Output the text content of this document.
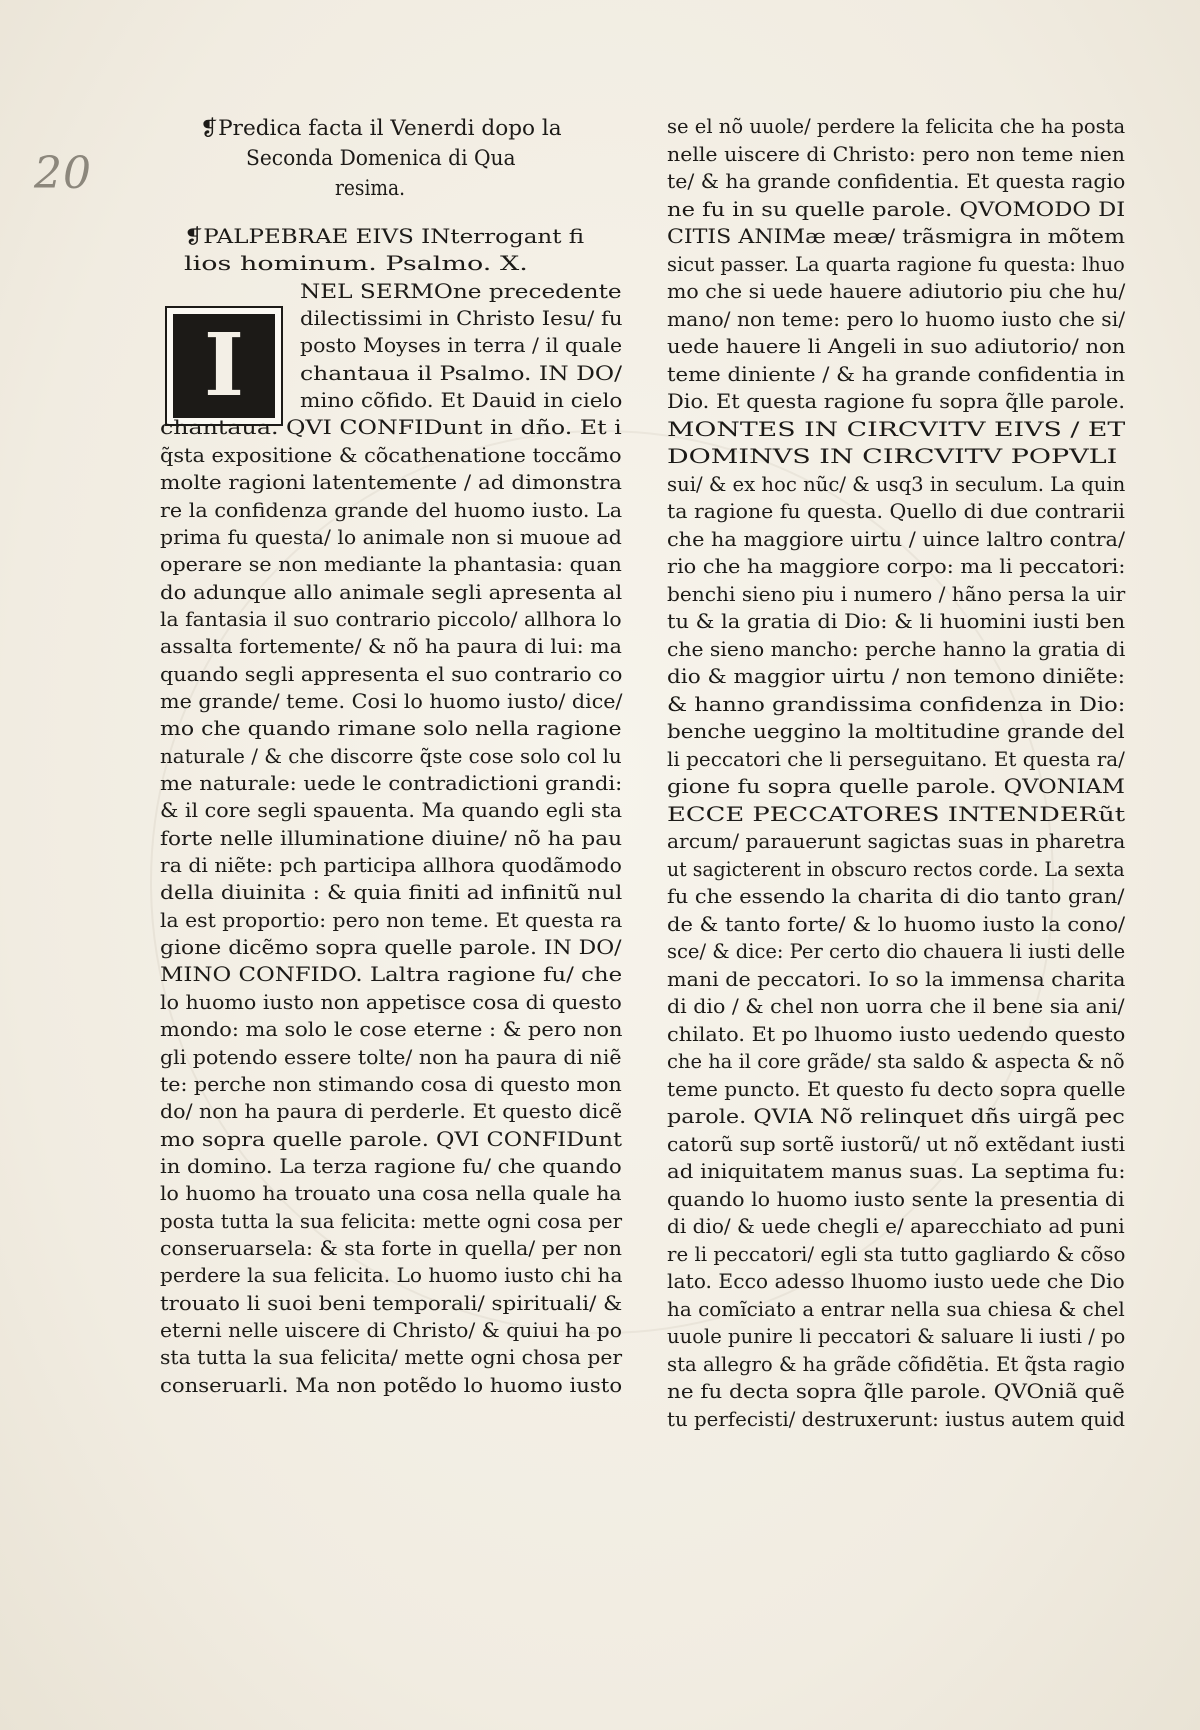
20
I
❡Predica facta il Venerdi dopo la
Seconda Domenica di Qua
resima.
❡PALPEBRAE EIVS INterrogant fi
lios hominum. Psalmo. X.
NEL SERMOne precedente
dilectissimi in Christo Iesu/ fu
posto Moyses in terra / il quale
chantaua il Psalmo. IN DO/
mino cõfido. Et Dauid in cielo
chantaua. QVI CONFIDunt in dño. Et i
q̃sta expositione & cõcathenatione toccãmo
molte ragioni latentemente / ad dimonstra
re la confidenza grande del huomo iusto. La
prima fu questa/ lo animale non si muoue ad
operare se non mediante la phantasia: quan
do adunque allo animale segli apresenta al
la fantasia il suo contrario piccolo/ allhora lo
assalta fortemente/ & nõ ha paura di lui: ma
quando segli appresenta el suo contrario co
me grande/ teme. Cosi lo huomo iusto/ dice/
mo che quando rimane solo nella ragione
naturale / & che discorre q̃ste cose solo col lu
me naturale: uede le contradictioni grandi:
& il core segli spauenta. Ma quando egli sta
forte nelle illuminatione diuine/ nõ ha pau
ra di niẽte: pch participa allhora quodãmodo
della diuinita : & quia finiti ad infinitũ nul
la est proportio: pero non teme. Et questa ra
gione dicẽmo sopra quelle parole. IN DO/
MINO CONFIDO. Laltra ragione fu/ che
lo huomo iusto non appetisce cosa di questo
mondo: ma solo le cose eterne : & pero non
gli potendo essere tolte/ non ha paura di niẽ
te: perche non stimando cosa di questo mon
do/ non ha paura di perderle. Et questo dicẽ
mo sopra quelle parole. QVI CONFIDunt
in domino. La terza ragione fu/ che quando
lo huomo ha trouato una cosa nella quale ha
posta tutta la sua felicita: mette ogni cosa per
conseruarsela: & sta forte in quella/ per non
perdere la sua felicita. Lo huomo iusto chi ha
trouato li suoi beni temporali/ spirituali/ &
eterni nelle uiscere di Christo/ & quiui ha po
sta tutta la sua felicita/ mette ogni chosa per
conseruarli. Ma non potẽdo lo huomo iusto
se el nõ uuole/ perdere la felicita che ha posta
nelle uiscere di Christo: pero non teme nien
te/ & ha grande confidentia. Et questa ragio
ne fu in su quelle parole. QVOMODO DI
CITIS ANIMæ meæ/ trãsmigra in mõtem
sicut passer. La quarta ragione fu questa: lhuo
mo che si uede hauere adiutorio piu che hu/
mano/ non teme: pero lo huomo iusto che si/
uede hauere li Angeli in suo adiutorio/ non
teme diniente / & ha grande confidentia in
Dio. Et questa ragione fu sopra q̃lle parole.
MONTES IN CIRCVITV EIVS / ET
DOMINVS IN CIRCVITV POPVLI
sui/ & ex hoc nũc/ & usq3 in seculum. La quin
ta ragione fu questa. Quello di due contrarii
che ha maggiore uirtu / uince laltro contra/
rio che ha maggiore corpo: ma li peccatori:
benchi sieno piu i numero / hãno persa la uir
tu & la gratia di Dio: & li huomini iusti ben
che sieno mancho: perche hanno la gratia di
dio & maggior uirtu / non temono diniẽte:
& hanno grandissima confidenza in Dio:
benche ueggino la moltitudine grande del
li peccatori che li perseguitano. Et questa ra/
gione fu sopra quelle parole. QVONIAM
ECCE PECCATORES INTENDERũt
arcum/ parauerunt sagictas suas in pharetra
ut sagicterent in obscuro rectos corde. La sexta
fu che essendo la charita di dio tanto gran/
de & tanto forte/ & lo huomo iusto la cono/
sce/ & dice: Per certo dio chauera li iusti delle
mani de peccatori. Io so la immensa charita
di dio / & chel non uorra che il bene sia ani/
chilato. Et po lhuomo iusto uedendo questo
che ha il core grãde/ sta saldo & aspecta & nõ
teme puncto. Et questo fu decto sopra quelle
parole. QVIA Nõ relinquet dñs uirgã pec
catorũ sup sortẽ iustorũ/ ut nõ extẽdant iusti
ad iniquitatem manus suas. La septima fu:
quando lo huomo iusto sente la presentia di
di dio/ & uede chegli e/ aparecchiato ad puni
re li peccatori/ egli sta tutto gagliardo & cõso
lato. Ecco adesso lhuomo iusto uede che Dio
ha comĩciato a entrar nella sua chiesa & chel
uuole punire li peccatori & saluare li iusti / po
sta allegro & ha grãde cõfidẽtia. Et q̃sta ragio
ne fu decta sopra q̃lle parole. QVOniã quẽ
tu perfecisti/ destruxerunt: iustus autem quid
